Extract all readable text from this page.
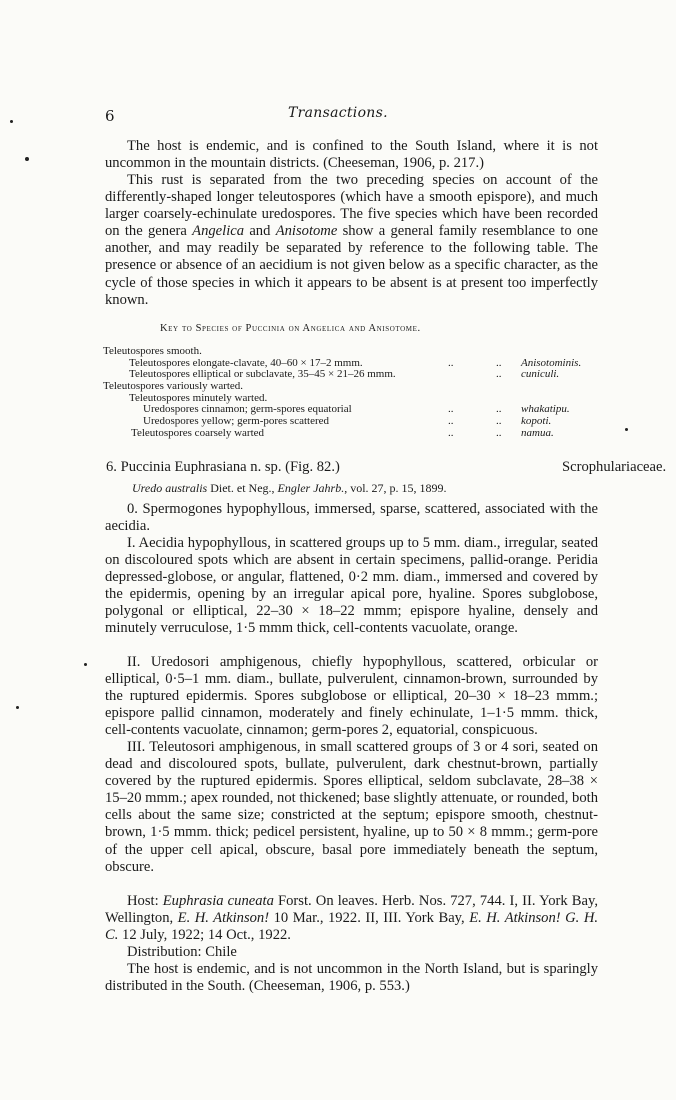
6	Transactions.

The host is endemic, and is confined to the South Island, where it is not uncommon in the mountain districts. (Cheeseman, 1906, p. 217.)

This rust is separated from the two preceding species on account of the differently-shaped longer teleutospores (which have a smooth epispore), and much larger coarsely-echinulate uredospores. The five species which have been recorded on the genera Angelica and Anisotome show a general family resemblance to one another, and may readily be separated by reference to the following table. The presence or absence of an aecidium is not given below as a specific character, as the cycle of those species in which it appears to be absent is at present too imperfectly known.

Key to Species of Puccinia on Angelica and Anisotome.
Teleutospores smooth.
Teleutospores elongate-clavate, 40–60 × 17–2 mmm.	..	.. Anisotominis.
Teleutospores elliptical or subclavate, 35–45 × 21–26 mmm.	.. cuniculi.
Teleutospores variously warted.
Teleutospores minutely warted.
Uredospores cinnamon; germ-spores equatorial	..	.. whakatipu.
Uredospores yellow; germ-pores scattered	..	.. kopoti.
Teleutospores coarsely warted	..	.. namua.
6. Puccinia Euphrasiana n. sp. (Fig. 82.)	Scrophulariaceae.
Uredo australis Diet. et Neg., Engler Jahrb., vol. 27, p. 15, 1899.

0. Spermogones hypophyllous, immersed, sparse, scattered, associated with the aecidia.

I. Aecidia hypophyllous, in scattered groups up to 5 mm. diam., irregular, seated on discoloured spots which are absent in certain specimens, pallid-orange. Peridia depressed-globose, or angular, flattened, 0·2 mm. diam., immersed and covered by the epidermis, opening by an irregular apical pore, hyaline. Spores subglobose, polygonal or elliptical, 22–30 × 18–22 mmm; epispore hyaline, densely and minutely verruculose, 1·5 mmm thick, cell-contents vacuolate, orange.

II. Uredosori amphigenous, chiefly hypophyllous, scattered, orbicular or elliptical, 0·5–1 mm. diam., bullate, pulverulent, cinnamon-brown, surrounded by the ruptured epidermis. Spores subglobose or elliptical, 20–30 × 18–23 mmm.; epispore pallid cinnamon, moderately and finely echinulate, 1–1·5 mmm. thick, cell-contents vacuolate, cinnamon; germ-pores 2, equatorial, conspicuous.

III. Teleutosori amphigenous, in small scattered groups of 3 or 4 sori, seated on dead and discoloured spots, bullate, pulverulent, dark chestnut-brown, partially covered by the ruptured epidermis. Spores elliptical, seldom subclavate, 28–38 × 15–20 mmm.; apex rounded, not thickened; base slightly attenuate, or rounded, both cells about the same size; constricted at the septum; epispore smooth, chestnut-brown, 1·5 mmm. thick; pedicel persistent, hyaline, up to 50 × 8 mmm.; germ-pore of the upper cell apical, obscure, basal pore immediately beneath the septum, obscure.

Host: Euphrasia cuneata Forst. On leaves. Herb. Nos. 727, 744. I, II. York Bay, Wellington, E. H. Atkinson! 10 Mar., 1922. II, III. York Bay, E. H. Atkinson! G. H. C. 12 July, 1922; 14 Oct., 1922.

Distribution: Chile

The host is endemic, and is not uncommon in the North Island, but is sparingly distributed in the South. (Cheeseman, 1906, p. 553.)
